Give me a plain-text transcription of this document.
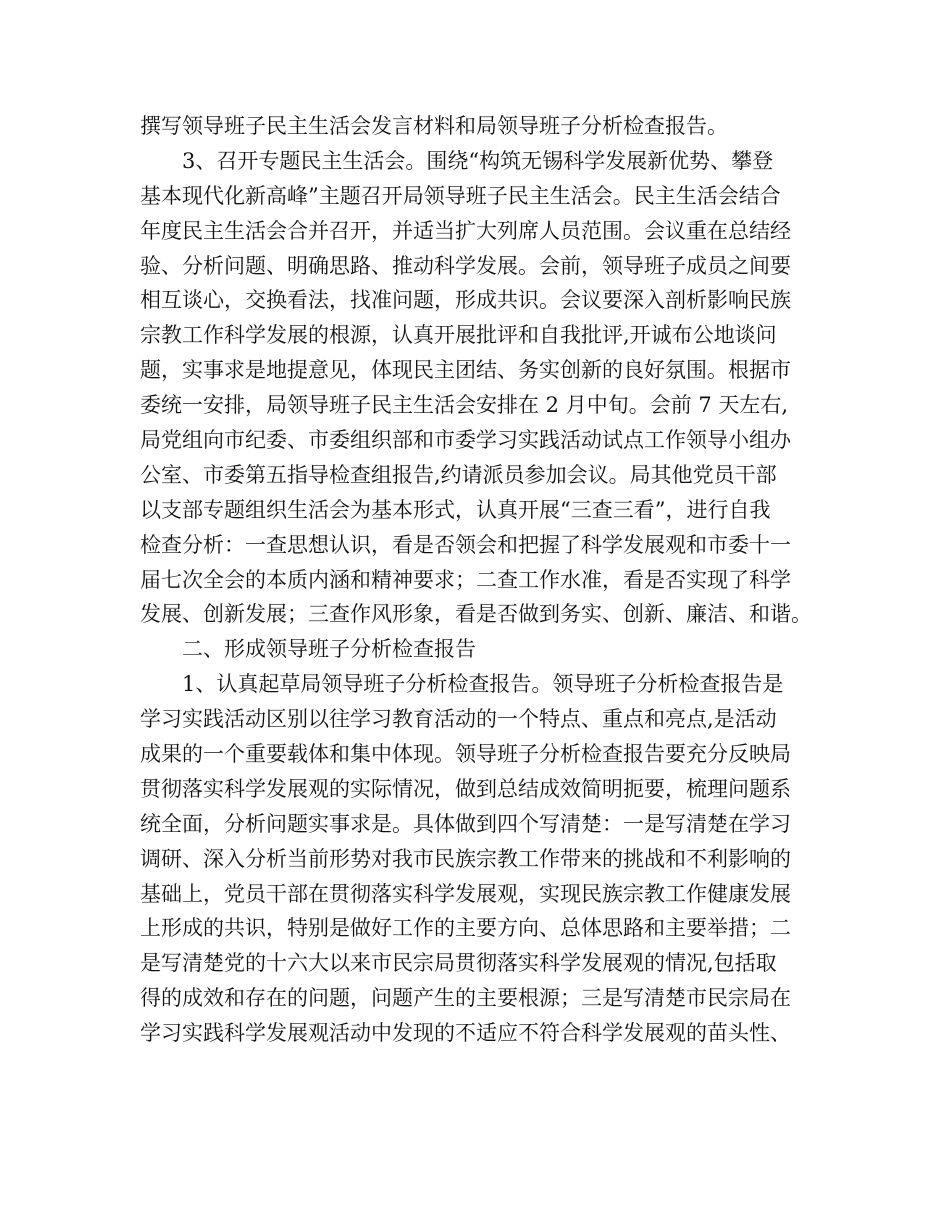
撰写领导班子民主生活会发言材料和局领导班子分析检查报告。
3、召开专题民主生活会。围绕“构筑无锡科学发展新优势、攀登
基本现代化新高峰”主题召开局领导班子民主生活会。民主生活会结合
年度民主生活会合并召开，并适当扩大列席人员范围。会议重在总结经
验、分析问题、明确思路、推动科学发展。会前，领导班子成员之间要
相互谈心，交换看法，找准问题，形成共识。会议要深入剖析影响民族
宗教工作科学发展的根源，认真开展批评和自我批评,开诚布公地谈问
题，实事求是地提意见，体现民主团结、务实创新的良好氛围。根据市
委统一安排，局领导班子民主生活会安排在 2 月中旬。会前 7 天左右,
局党组向市纪委、市委组织部和市委学习实践活动试点工作领导小组办
公室、市委第五指导检查组报告,约请派员参加会议。局其他党员干部
以支部专题组织生活会为基本形式，认真开展“三查三看”，进行自我
检查分析：一查思想认识，看是否领会和把握了科学发展观和市委十一
届七次全会的本质内涵和精神要求；二查工作水准，看是否实现了科学
发展、创新发展；三查作风形象，看是否做到务实、创新、廉洁、和谐。
二、形成领导班子分析检查报告
1、认真起草局领导班子分析检查报告。领导班子分析检查报告是
学习实践活动区别以往学习教育活动的一个特点、重点和亮点,是活动
成果的一个重要载体和集中体现。领导班子分析检查报告要充分反映局
贯彻落实科学发展观的实际情况，做到总结成效简明扼要，梳理问题系
统全面，分析问题实事求是。具体做到四个写清楚：一是写清楚在学习
调研、深入分析当前形势对我市民族宗教工作带来的挑战和不利影响的
基础上，党员干部在贯彻落实科学发展观，实现民族宗教工作健康发展
上形成的共识，特别是做好工作的主要方向、总体思路和主要举措；二
是写清楚党的十六大以来市民宗局贯彻落实科学发展观的情况,包括取
得的成效和存在的问题，问题产生的主要根源；三是写清楚市民宗局在
学习实践科学发展观活动中发现的不适应不符合科学发展观的苗头性、
